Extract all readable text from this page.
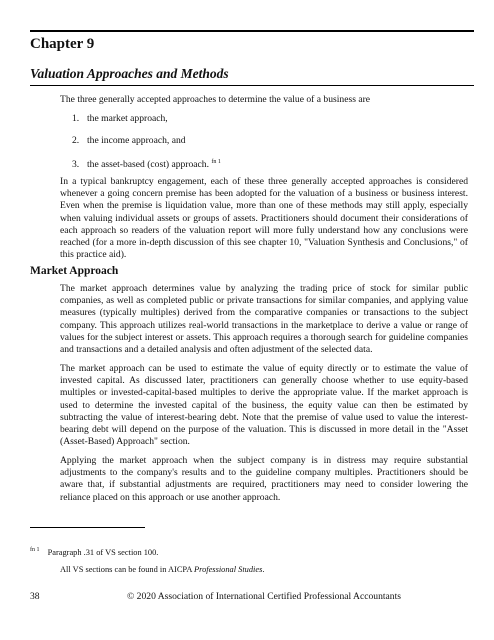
Chapter 9
Valuation Approaches and Methods
The three generally accepted approaches to determine the value of a business are
1. the market approach,
2. the income approach, and
3. the asset-based (cost) approach. $^{fn 1}$
In a typical bankruptcy engagement, each of these three generally accepted approaches is considered whenever a going concern premise has been adopted for the valuation of a business or business interest. Even when the premise is liquidation value, more than one of these methods may still apply, especially when valuing individual assets or groups of assets. Practitioners should document their considerations of each approach so readers of the valuation report will more fully understand how any conclusions were reached (for a more in-depth discussion of this see chapter 10, "Valuation Synthesis and Conclusions," of this practice aid).
Market Approach
The market approach determines value by analyzing the trading price of stock for similar public companies, as well as completed public or private transactions for similar companies, and applying value measures (typically multiples) derived from the comparative companies or transactions to the subject company. This approach utilizes real-world transactions in the marketplace to derive a value or range of values for the subject interest or assets. This approach requires a thorough search for guideline companies and transactions and a detailed analysis and often adjustment of the selected data.
The market approach can be used to estimate the value of equity directly or to estimate the value of invested capital. As discussed later, practitioners can generally choose whether to use equity-based multiples or invested-capital-based multiples to derive the appropriate value. If the market approach is used to determine the invested capital of the business, the equity value can then be estimated by subtracting the value of interest-bearing debt. Note that the premise of value used to value the interest-bearing debt will depend on the purpose of the valuation. This is discussed in more detail in the "Asset (Asset-Based) Approach" section.
Applying the market approach when the subject company is in distress may require substantial adjustments to the company's results and to the guideline company multiples. Practitioners should be aware that, if substantial adjustments are required, practitioners may need to consider lowering the reliance placed on this approach or use another approach.
$^{fn 1}$ Paragraph .31 of VS section 100.
All VS sections can be found in AICPA Professional Studies.
38	© 2020 Association of International Certified Professional Accountants
